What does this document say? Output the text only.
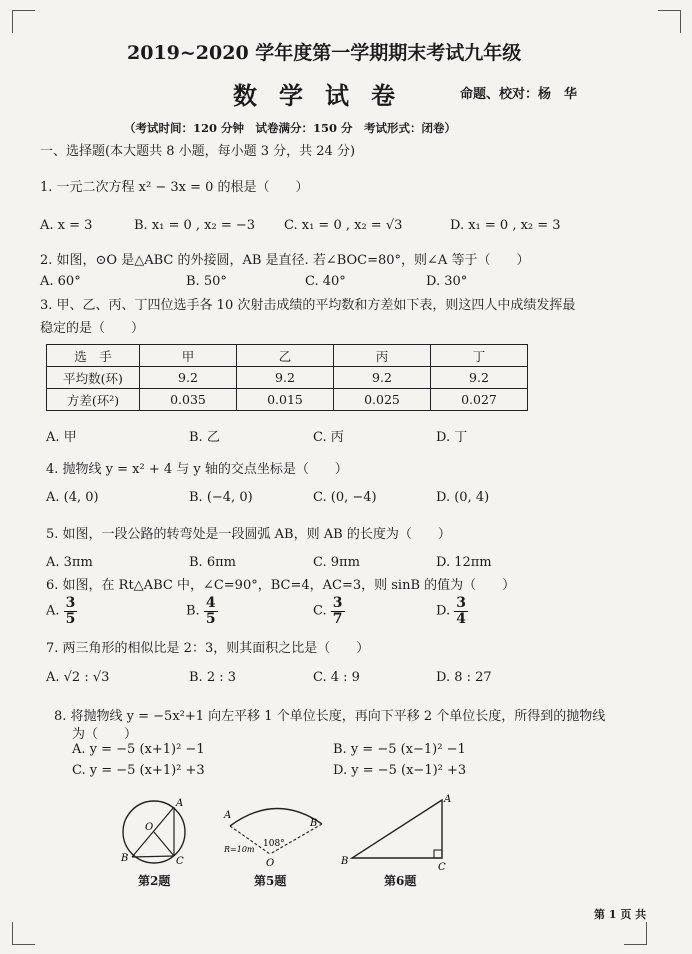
2019~2020 学年度第一学期期末考试九年级
数学试卷	命题、校对：杨　华
（考试时间：120 分钟　试卷满分：150 分　考试形式：闭卷）
一、选择题(本大题共 8 小题，每小题 3 分，共 24 分)
1. 一元二次方程 x² − 3x = 0 的根是（　　）
A. x = 3	B. x₁ = 0 , x₂ = −3 C. x₁ = 0 , x₂ = √3	D. x₁ = 0 , x₂ = 3
2. 如图，⊙O 是△ABC 的外接圆，AB 是直径. 若∠BOC=80°，则∠A 等于（　　）
A. 60°	B. 50°	C. 40°	D. 30°
3. 甲、乙、丙、丁四位选手各 10 次射击成绩的平均数和方差如下表，则这四人中成绩发挥最
稳定的是（　　）
选　手	甲	乙	丙	丁
平均数(环)	9.2	9.2	9.2	9.2
方差(环²)	0.035	0.015	0.025	0.027
A. 甲	B. 乙	C. 丙	D. 丁
4. 抛物线 y = x² + 4 与 y 轴的交点坐标是（　　）
A. (4, 0)	B. (−4, 0)	C. (0, −4)	D. (0, 4)
5. 如图，一段公路的转弯处是一段圆弧 AB，则 AB 的长度为（　　）
A. 3πm	B. 6πm	C. 9πm	D. 12πm
6. 如图，在 Rt△ABC 中，∠C=90°，BC=4，AC=3，则 sinB 的值为（　　）
A. $\frac{3}{5}$	B. $\frac{4}{5}$	C. $\frac{3}{7}$	D. $\frac{3}{4}$
7. 两三角形的相似比是 2：3，则其面积之比是（　　）
A. √2 : √3	B. 2 : 3	C. 4 : 9	D. 8 : 27
8. 将抛物线 y = −5x²+1 向左平移 1 个单位长度，再向下平移 2 个单位长度，所得到的抛物线
为（　　）
A. y = −5 (x+1)² −1	B. y = −5 (x−1)² −1
C. y = −5 (x+1)² +3	D. y = −5 (x−1)² +3
A
O
B	C
第2题
A
B
O
108°
R=10m
第5题
A
B
C
第6题
第 1 页 共
